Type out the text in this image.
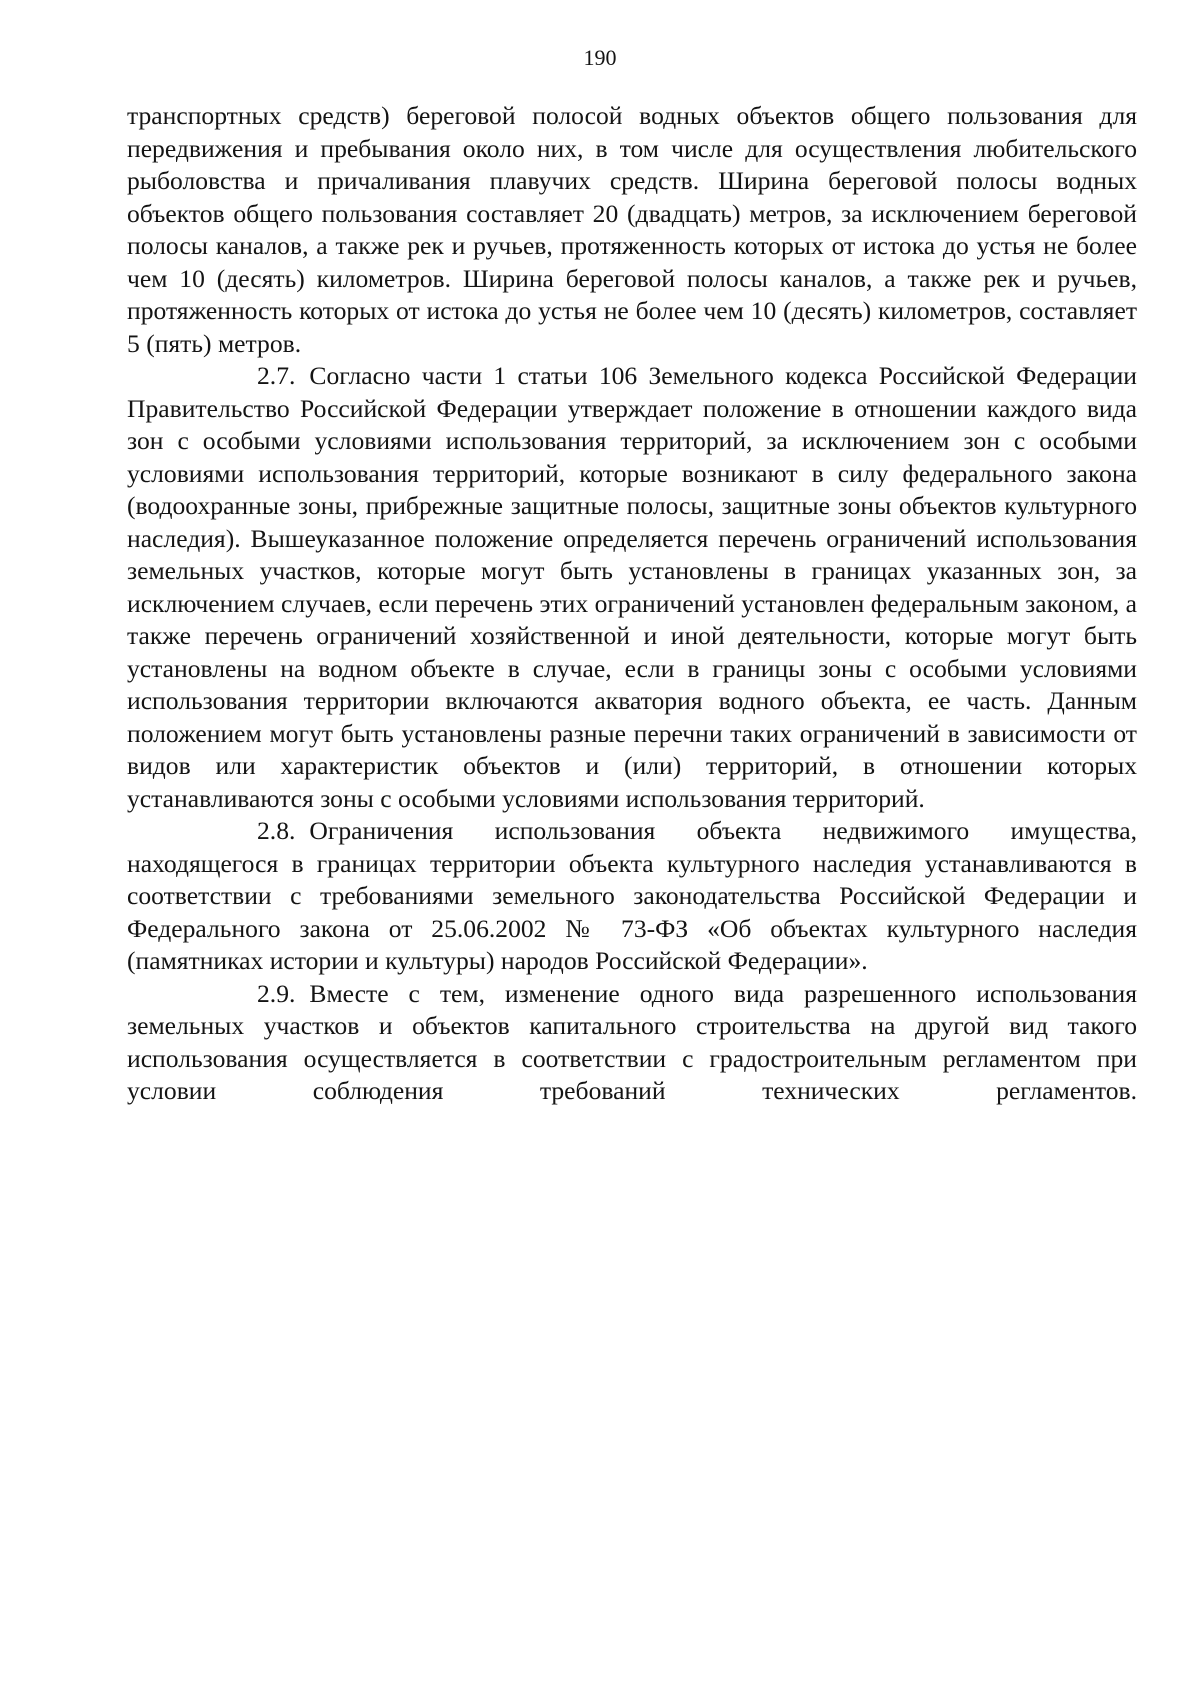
190

транспортных средств) береговой полосой водных объектов общего пользования для передвижения и пребывания около них, в том числе для осуществления любительского рыболовства и причаливания плавучих средств. Ширина береговой полосы водных объектов общего пользования составляет 20 (двадцать) метров, за исключением береговой полосы каналов, а также рек и ручьев, протяженность которых от истока до устья не более чем 10 (десять) километров. Ширина береговой полосы каналов, а также рек и ручьев, протяженность которых от истока до устья не более чем 10 (десять) километров, составляет 5 (пять) метров.

2.7. Согласно части 1 статьи 106 Земельного кодекса Российской Федерации Правительство Российской Федерации утверждает положение в отношении каждого вида зон с особыми условиями использования территорий, за исключением зон с особыми условиями использования территорий, которые возникают в силу федерального закона (водоохранные зоны, прибрежные защитные полосы, защитные зоны объектов культурного наследия). Вышеуказанное положение определяется перечень ограничений использования земельных участков, которые могут быть установлены в границах указанных зон, за исключением случаев, если перечень этих ограничений установлен федеральным законом, а также перечень ограничений хозяйственной и иной деятельности, которые могут быть установлены на водном объекте в случае, если в границы зоны с особыми условиями использования территории включаются акватория водного объекта, ее часть. Данным положением могут быть установлены разные перечни таких ограничений в зависимости от видов или характеристик объектов и (или) территорий, в отношении которых устанавливаются зоны с особыми условиями использования территорий.

2.8. Ограничения использования объекта недвижимого имущества, находящегося в границах территории объекта культурного наследия устанавливаются в соответствии с требованиями земельного законодательства Российской Федерации и Федерального закона от 25.06.2002 № 73-ФЗ «Об объектах культурного наследия (памятниках истории и культуры) народов Российской Федерации».

2.9. Вместе с тем, изменение одного вида разрешенного использования земельных участков и объектов капитального строительства на другой вид такого использования осуществляется в соответствии с градостроительным регламентом при условии соблюдения требований технических регламентов.
